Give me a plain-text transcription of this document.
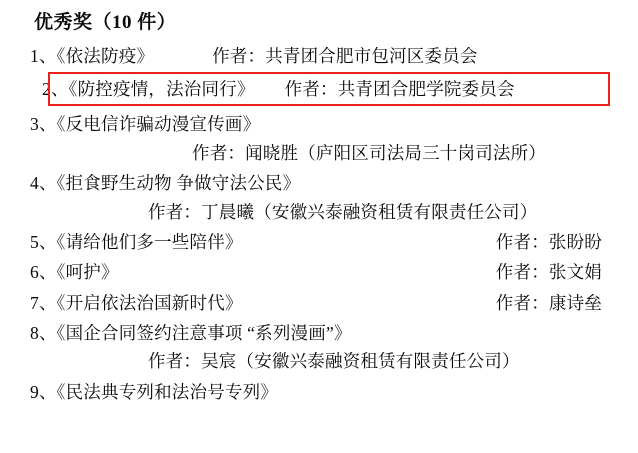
优秀奖（10 件）
1、《依法防疫》	作者：共青团合肥市包河区委员会
2、《防控疫情，法治同行》 作者：共青团合肥学院委员会
3、《反电信诈骗动漫宣传画》
作者：闻晓胜（庐阳区司法局三十岗司法所）
4、《拒食野生动物 争做守法公民》
作者：丁晨曦（安徽兴泰融资租赁有限责任公司）
5、《请给他们多一些陪伴》	作者：张盼盼
6、《呵护》	作者：张文娟
7、《开启依法治国新时代》	作者：康诗垒
8、《国企合同签约注意事项 “系列漫画”》
作者：吴宸（安徽兴泰融资租赁有限责任公司）
9、《民法典专列和法治号专列》
